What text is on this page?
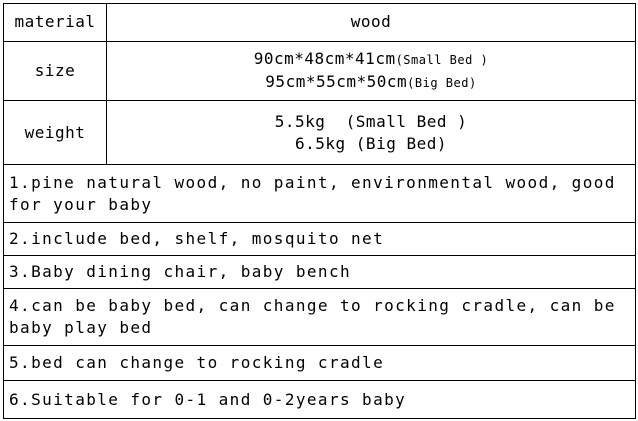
material	wood
size	90cm*48cm*41cm(Small Bed )
95cm*55cm*50cm(Big Bed)

weight	5.5kg  (Small Bed )
6.5kg (Big Bed)

1.pine natural wood, no paint, environmental wood, good for your baby	

2.include bed, shelf, mosquito net	

3.Baby dining chair, baby bench	

4.can be baby bed, can change to rocking cradle, can be baby play bed	

5.bed can change to rocking cradle	

6.Suitable for 0-1 and 0-2years baby	
